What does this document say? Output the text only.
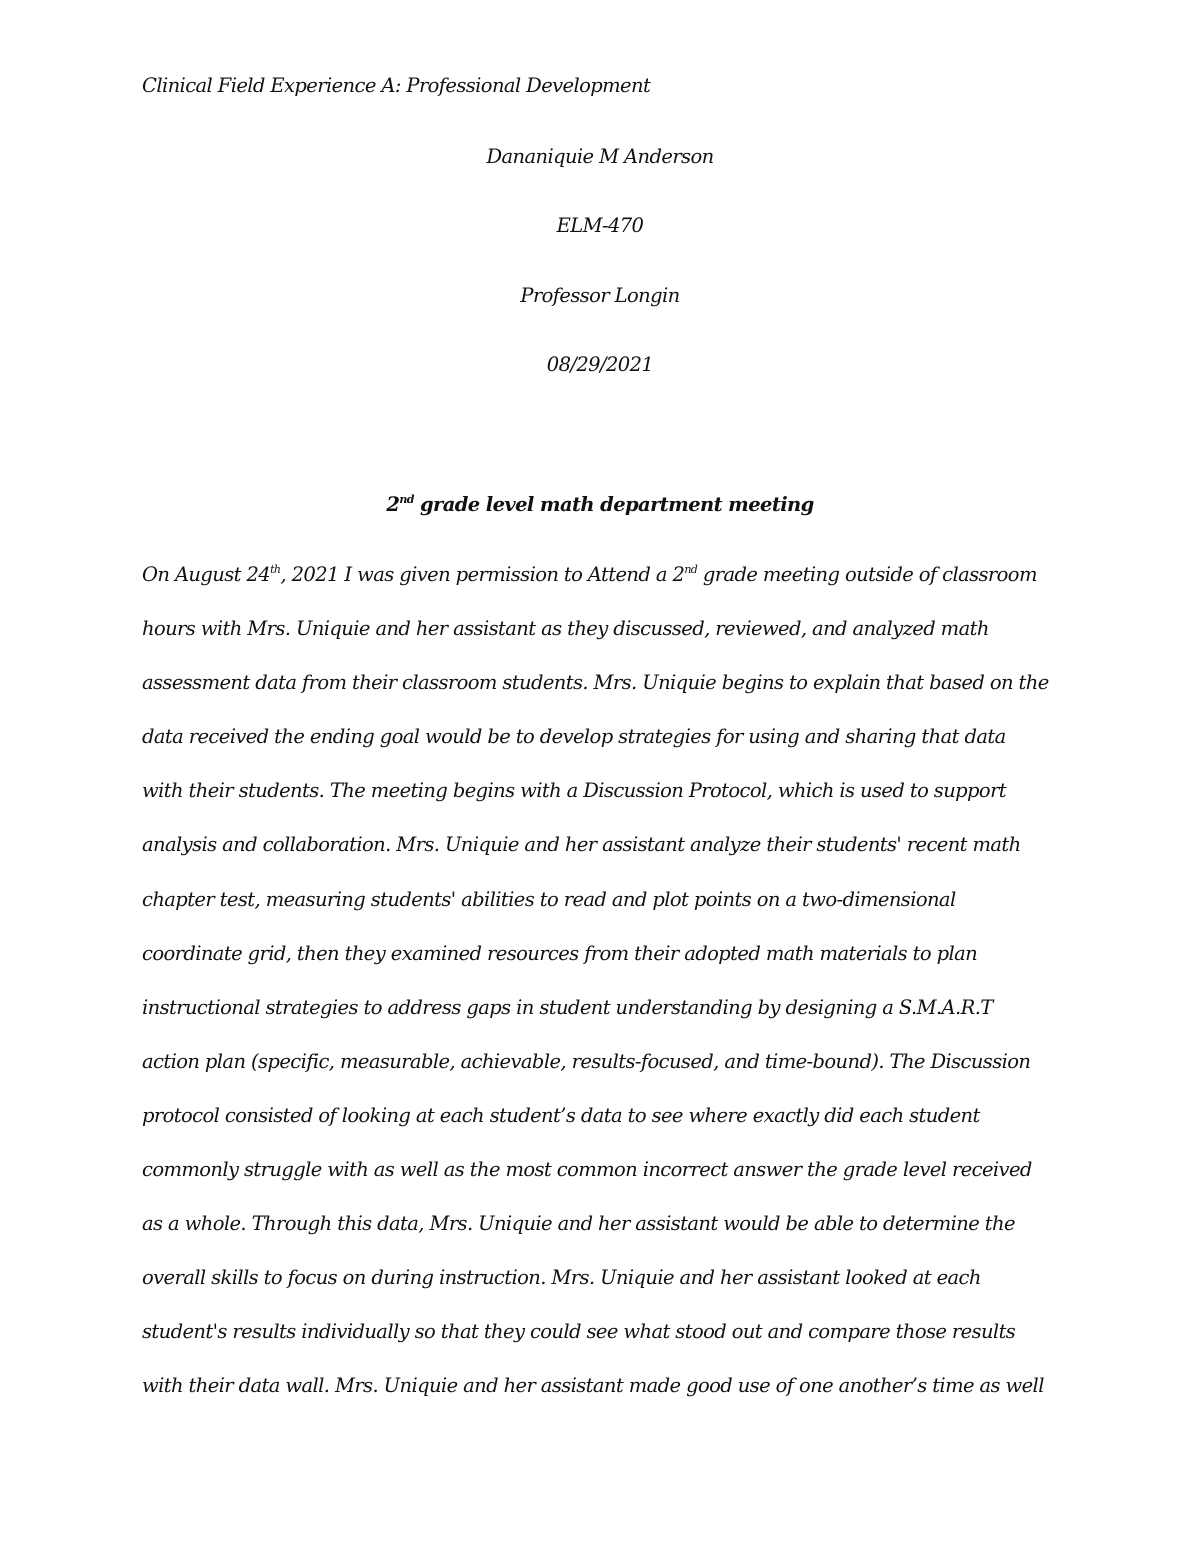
Clinical Field Experience A: Professional Development
Dananiquie M Anderson
ELM-470
Professor Longin
08/29/2021
2nd grade level math department meeting
On August 24th, 2021 I was given permission to Attend a 2nd grade meeting outside of classroom
hours with Mrs. Uniquie and her assistant as they discussed, reviewed, and analyzed math
assessment data from their classroom students. Mrs. Uniquie begins to explain that based on the
data received the ending goal would be to develop strategies for using and sharing that data
with their students. The meeting begins with a Discussion Protocol, which is used to support
analysis and collaboration. Mrs. Uniquie and her assistant analyze their students' recent math
chapter test, measuring students' abilities to read and plot points on a two-dimensional
coordinate grid, then they examined resources from their adopted math materials to plan
instructional strategies to address gaps in student understanding by designing a S.M.A.R.T
action plan (specific, measurable, achievable, results-focused, and time-bound). The Discussion
protocol consisted of looking at each student’s data to see where exactly did each student
commonly struggle with as well as the most common incorrect answer the grade level received
as a whole. Through this data, Mrs. Uniquie and her assistant would be able to determine the
overall skills to focus on during instruction. Mrs. Uniquie and her assistant looked at each
student's results individually so that they could see what stood out and compare those results
with their data wall. Mrs. Uniquie and her assistant made good use of one another’s time as well
